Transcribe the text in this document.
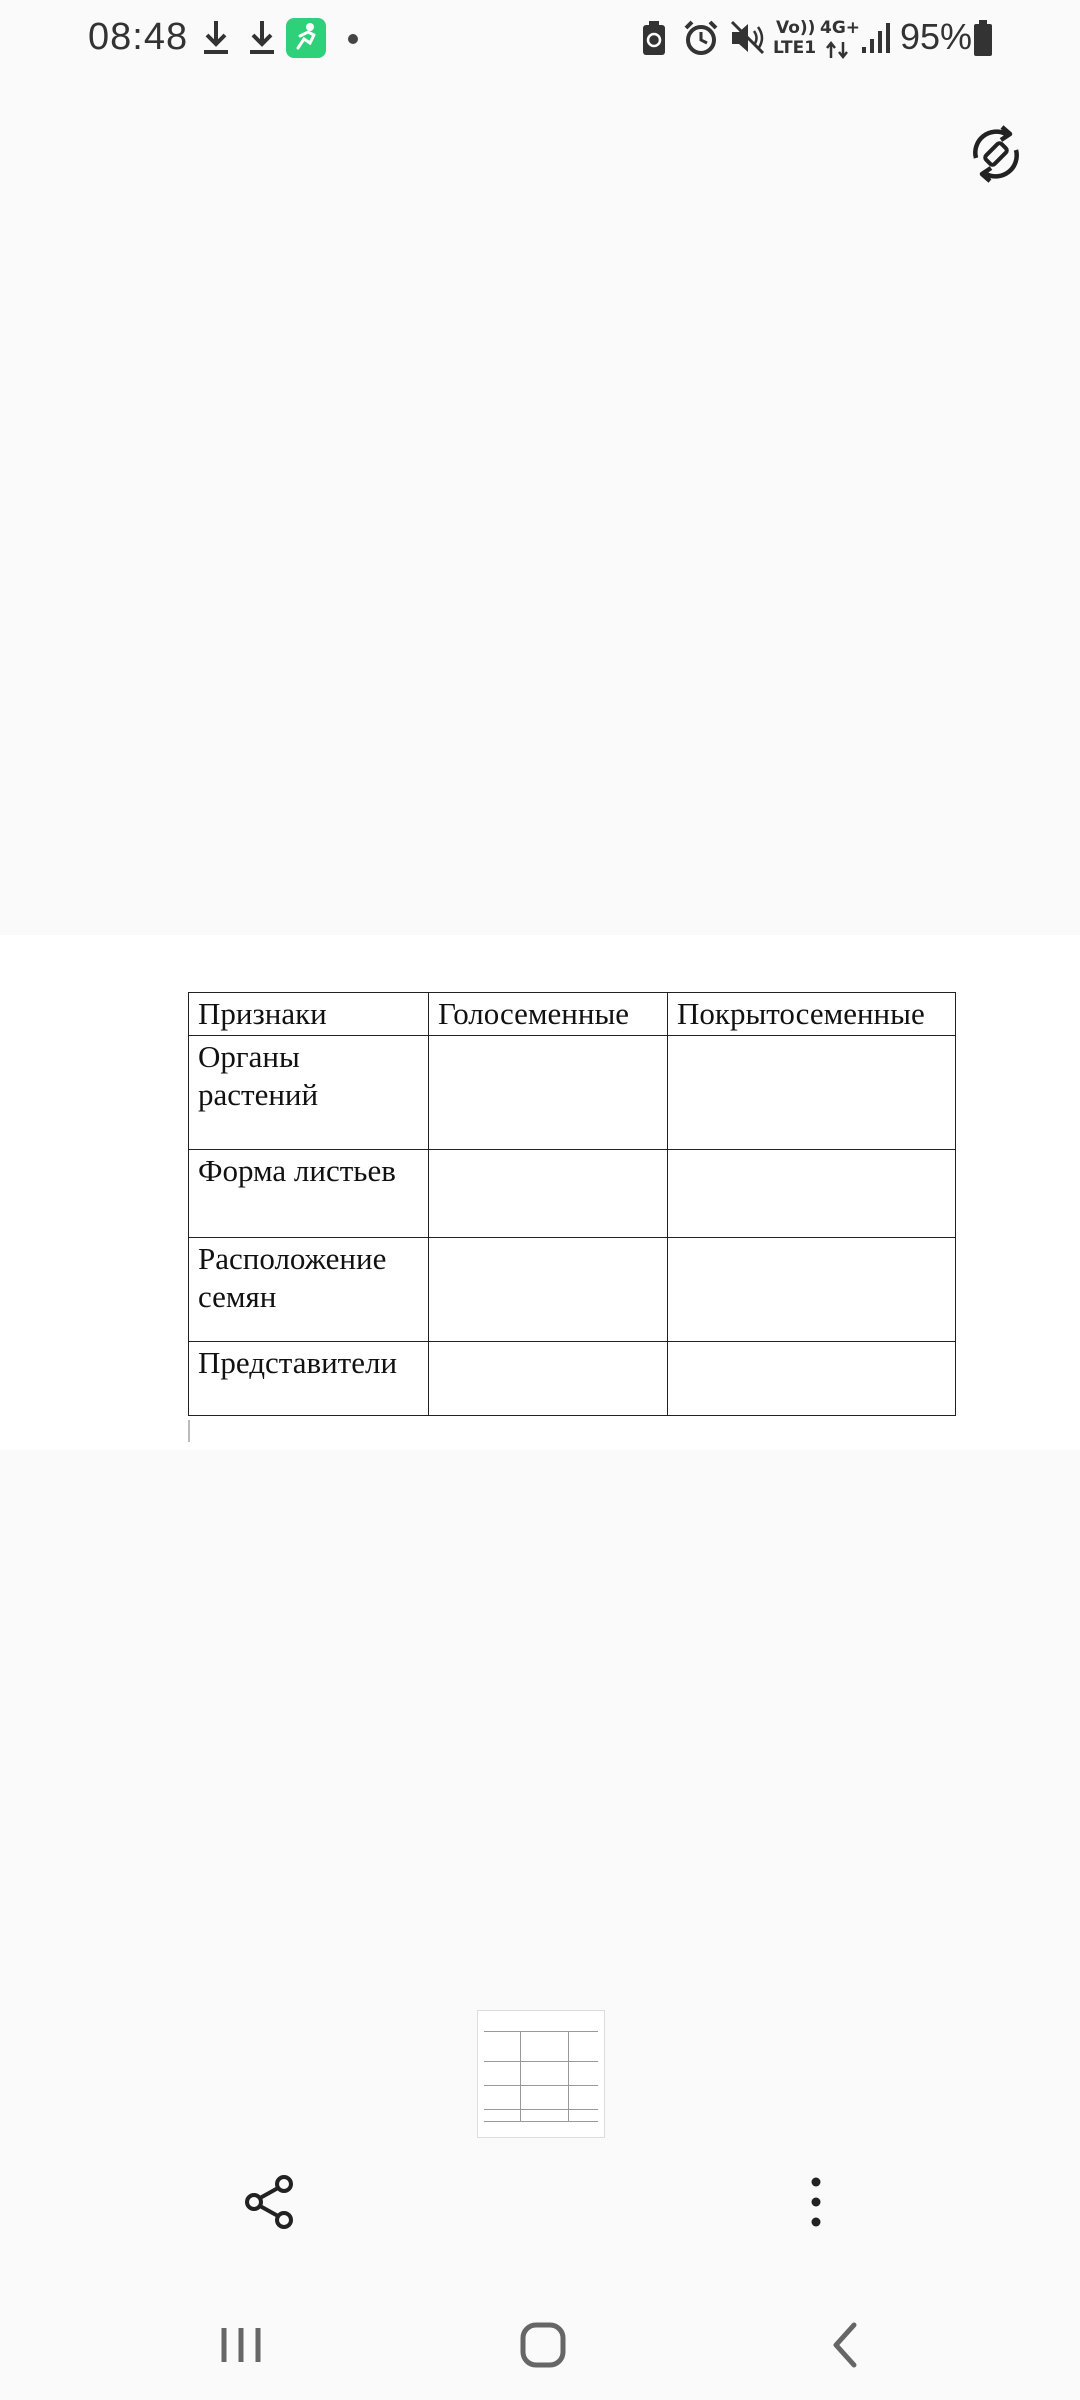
08:48	Vo))
LTE1
4G+ 95%
Признаки	Голосеменные	Покрытосеменные
Органы растений		
Форма листьев		
Расположение семян		
Представители		
